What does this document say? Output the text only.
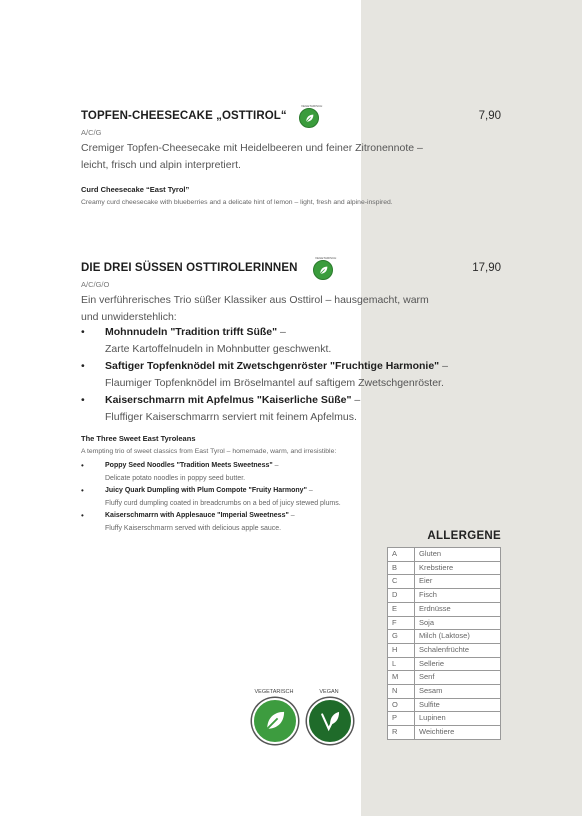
TOPFEN-CHEESECAKE „OSTTIROL“
VEGETARISCH
7,90
A/C/G
Cremiger Topfen-Cheesecake mit Heidelbeeren und feiner Zitronennote – leicht, frisch und alpin interpretiert.
Curd Cheesecake “East Tyrol”
Creamy curd cheesecake with blueberries and a delicate hint of lemon – light, fresh and alpine-inspired.
DIE DREI SÜSSEN OSTTIROLERINNEN
VEGETARISCH
17,90
A/C/G/O
Ein verführerisches Trio süßer Klassiker aus Osttirol – hausgemacht, warm und unwiderstehlich:
• Mohnnudeln "Tradition trifft Süße" –
Zarte Kartoffelnudeln in Mohnbutter geschwenkt.
• Saftiger Topfenknödel mit Zwetschgenröster "Fruchtige Harmonie" –
Flaumiger Topfenknödel im Bröselmantel auf saftigem Zwetschgenröster.
• Kaiserschmarrn mit Apfelmus "Kaiserliche Süße" –
Fluffiger Kaiserschmarrn serviert mit feinem Apfelmus.
The Three Sweet East Tyroleans
A tempting trio of sweet classics from East Tyrol – homemade, warm, and irresistible:
• Poppy Seed Noodles "Tradition Meets Sweetness" –
Delicate potato noodles in poppy seed butter.
• Juicy Quark Dumpling with Plum Compote "Fruity Harmony" –
Fluffy curd dumpling coated in breadcrumbs on a bed of juicy stewed plums.
• Kaiserschmarrn with Applesauce "Imperial Sweetness" –
Fluffy Kaiserschmarrn served with delicious apple sauce.
ALLERGENE
A	Gluten
B	Krebstiere
C	Eier
D	Fisch
E	Erdnüsse
F	Soja
G	Milch (Laktose)
H	Schalenfrüchte
L	Sellerie
M	Senf
N	Sesam
O	Sulfite
P	Lupinen
R	Weichtiere
VEGETARISCH	VEGAN
